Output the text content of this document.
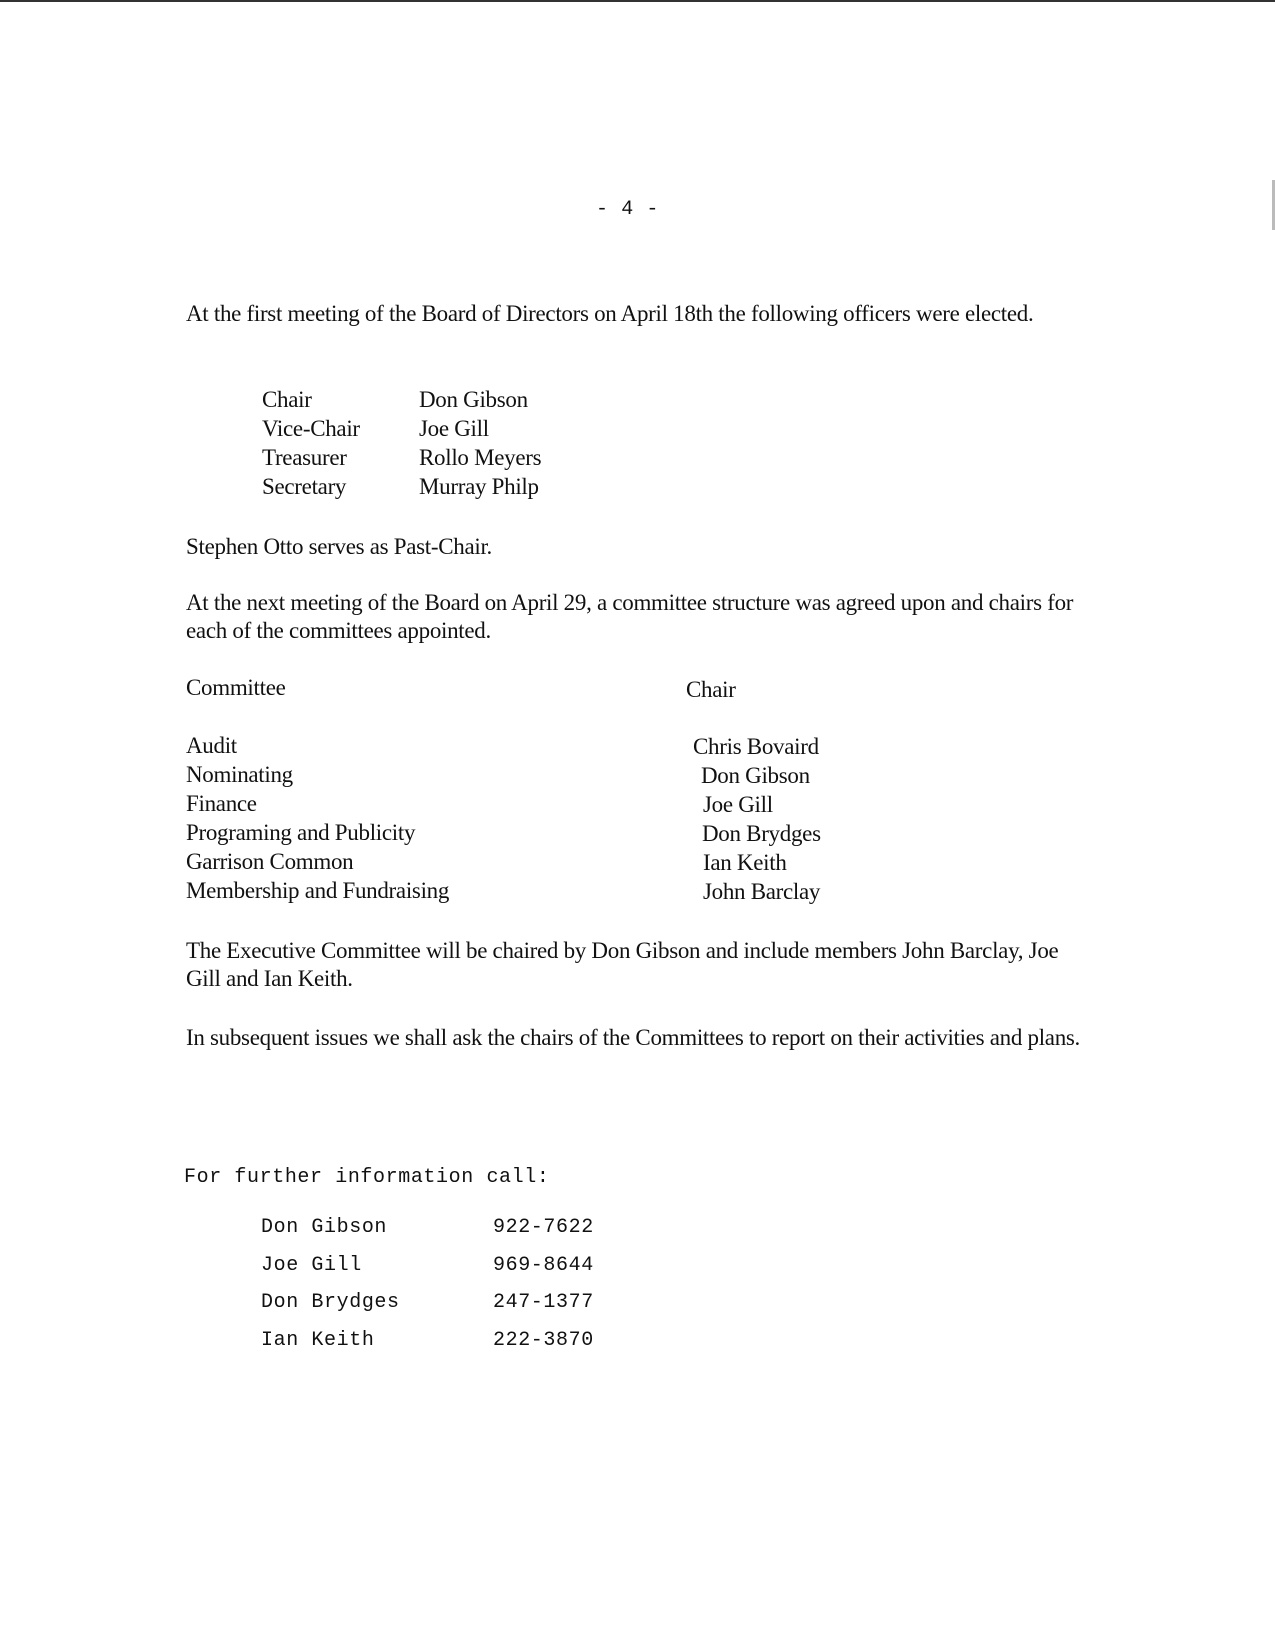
- 4 -
At the first meeting of the Board of Directors on April 18th the following officers were elected.
Chair	Don Gibson
Vice-Chair	Joe Gill
Treasurer	Rollo Meyers
Secretary	Murray Philp
Stephen Otto serves as Past-Chair.
At the next meeting of the Board on April 29, a committee structure was agreed upon and chairs for each of the committees appointed.
Committee	Chair
Audit	Chris Bovaird
Nominating	Don Gibson
Finance	Joe Gill
Programing and Publicity	Don Brydges
Garrison Common	Ian Keith
Membership and Fundraising	John Barclay
The Executive Committee will be chaired by Don Gibson and include members John Barclay, Joe Gill and Ian Keith.
In subsequent issues we shall ask the chairs of the Committees to report on their activities and plans.
For further information call:
Don Gibson	922-7622
Joe Gill	969-8644
Don Brydges	247-1377
Ian Keith	222-3870
